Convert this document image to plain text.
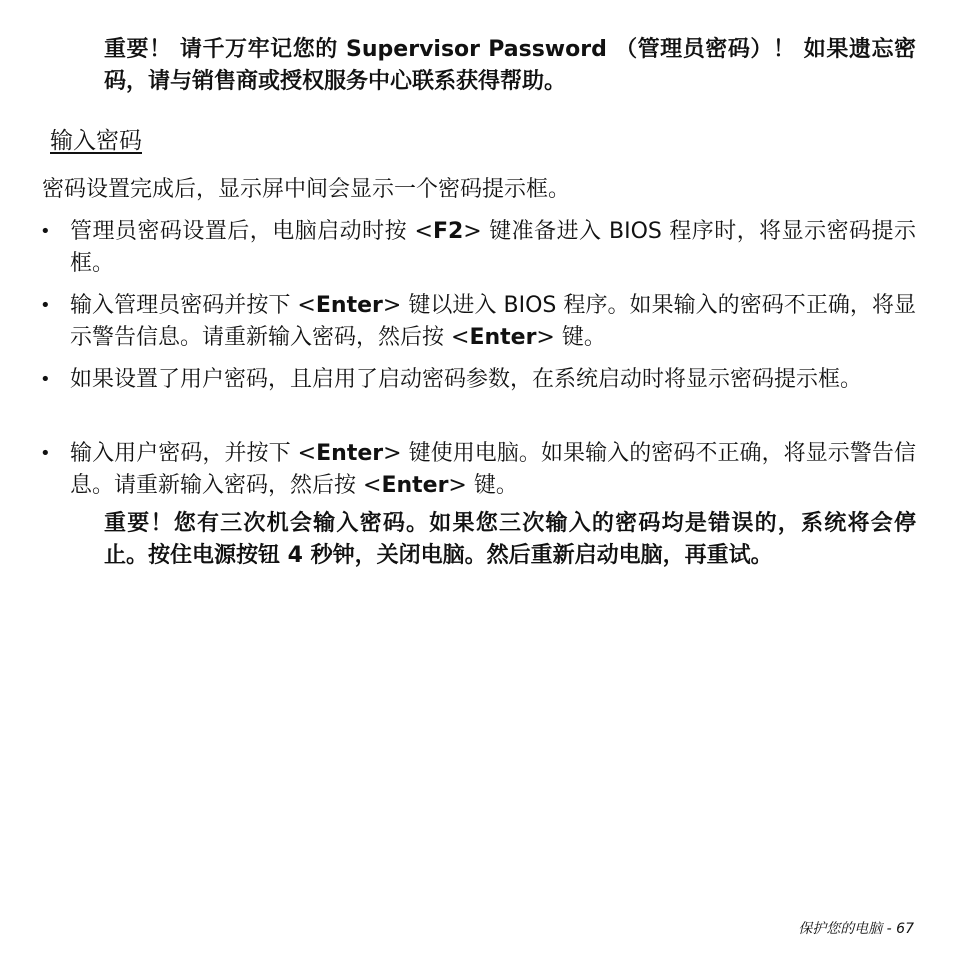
重要！ 请千万牢记您的 Supervisor Password （管理员密码）！ 如果遗忘密码，请与销售商或授权服务中心联系获得帮助。

输入密码

密码设置完成后，显示屏中间会显示一个密码提示框。

• 管理员密码设置后，电脑启动时按 <F2> 键准备进入 BIOS 程序时，将显示密码提示框。
• 输入管理员密码并按下 <Enter> 键以进入 BIOS 程序。如果输入的密码不正确，将显示警告信息。请重新输入密码，然后按 <Enter> 键。
• 如果设置了用户密码，且启用了启动密码参数，在系统启动时将显示密码提示框。
• 输入用户密码，并按下 <Enter> 键使用电脑。如果输入的密码不正确，将显示警告信息。请重新输入密码，然后按 <Enter> 键。

重要！您有三次机会输入密码。如果您三次输入的密码均是错误的，系统将会停止。按住电源按钮 4 秒钟，关闭电脑。然后重新启动电脑，再重试。

保护您的电脑 - 67
